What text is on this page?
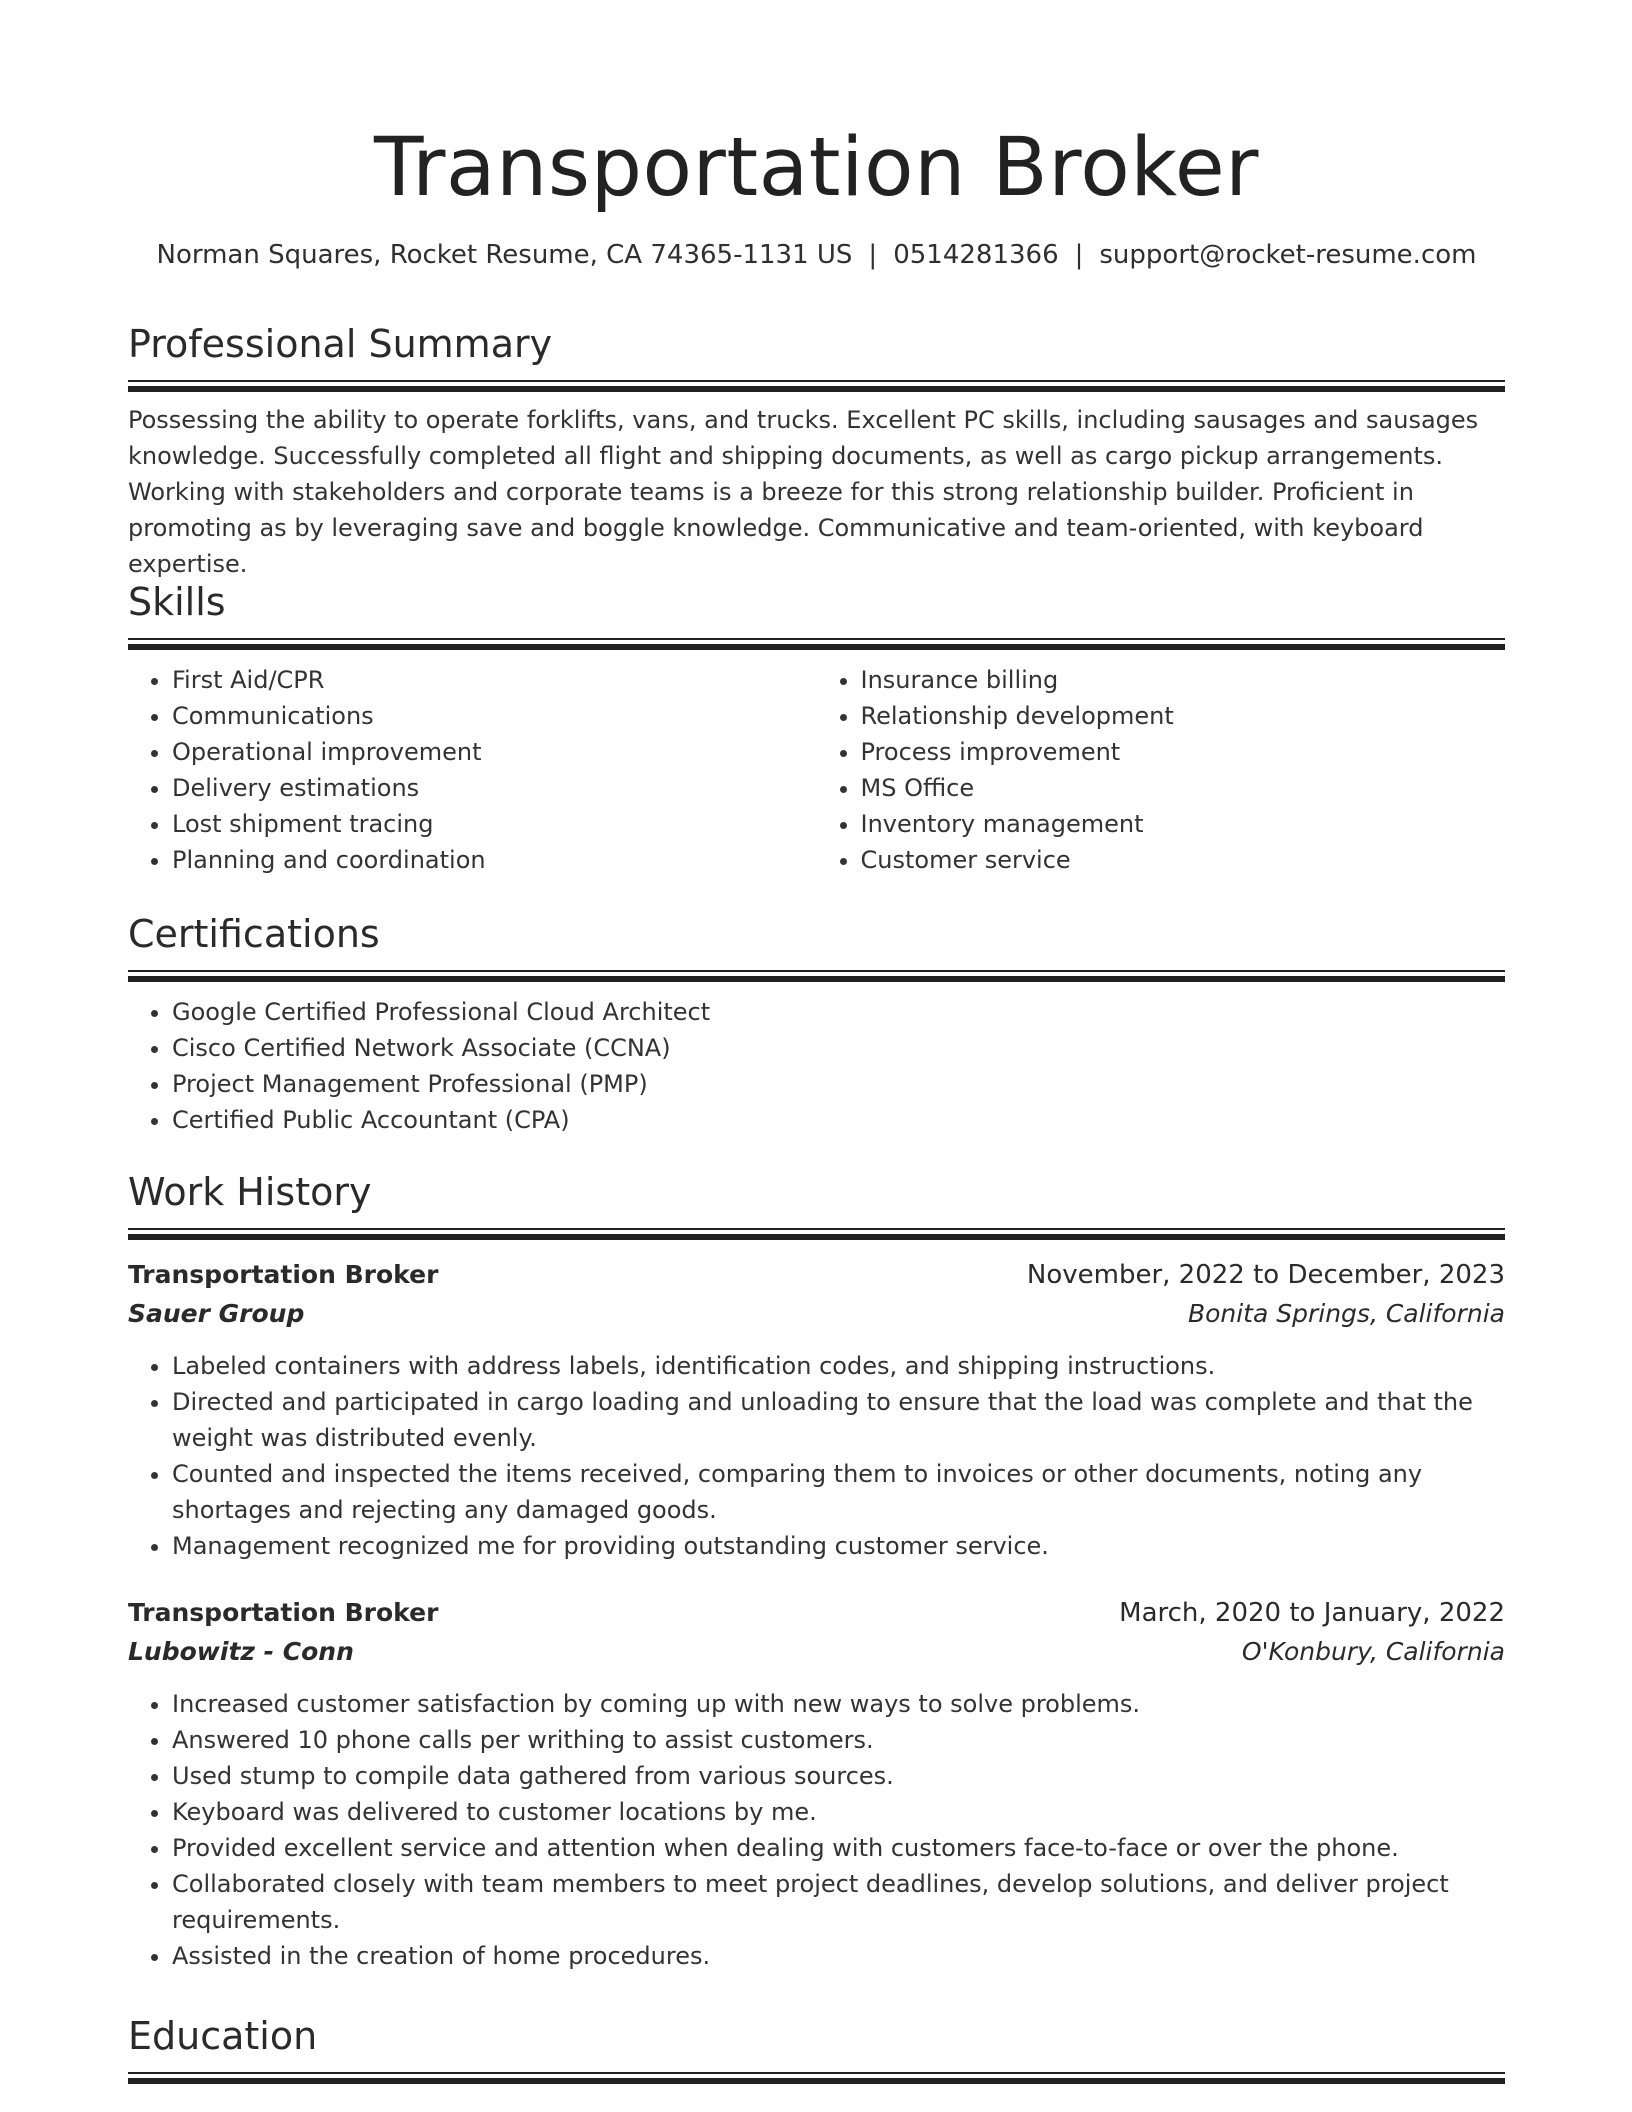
Transportation Broker
Norman Squares, Rocket Resume, CA 74365-1131 US | 0514281366 | support@rocket-resume.com
Professional Summary
Possessing the ability to operate forklifts, vans, and trucks. Excellent PC skills, including sausages and sausages knowledge. Successfully completed all flight and shipping documents, as well as cargo pickup arrangements. Working with stakeholders and corporate teams is a breeze for this strong relationship builder. Proficient in promoting as by leveraging save and boggle knowledge. Communicative and team-oriented, with keyboard expertise.
Skills
• First Aid/CPR
• Communications
• Operational improvement
• Delivery estimations
• Lost shipment tracing
• Planning and coordination
• Insurance billing
• Relationship development
• Process improvement
• MS Office
• Inventory management
• Customer service
Certifications
• Google Certified Professional Cloud Architect
• Cisco Certified Network Associate (CCNA)
• Project Management Professional (PMP)
• Certified Public Accountant (CPA)
Work History
Transportation Broker	November, 2022 to December, 2023
Sauer Group	Bonita Springs, California
• Labeled containers with address labels, identification codes, and shipping instructions.
• Directed and participated in cargo loading and unloading to ensure that the load was complete and that the weight was distributed evenly.
• Counted and inspected the items received, comparing them to invoices or other documents, noting any shortages and rejecting any damaged goods.
• Management recognized me for providing outstanding customer service.
Transportation Broker	March, 2020 to January, 2022
Lubowitz - Conn	O'Konbury, California
• Increased customer satisfaction by coming up with new ways to solve problems.
• Answered 10 phone calls per writhing to assist customers.
• Used stump to compile data gathered from various sources.
• Keyboard was delivered to customer locations by me.
• Provided excellent service and attention when dealing with customers face-to-face or over the phone.
• Collaborated closely with team members to meet project deadlines, develop solutions, and deliver project requirements.
• Assisted in the creation of home procedures.
Education
